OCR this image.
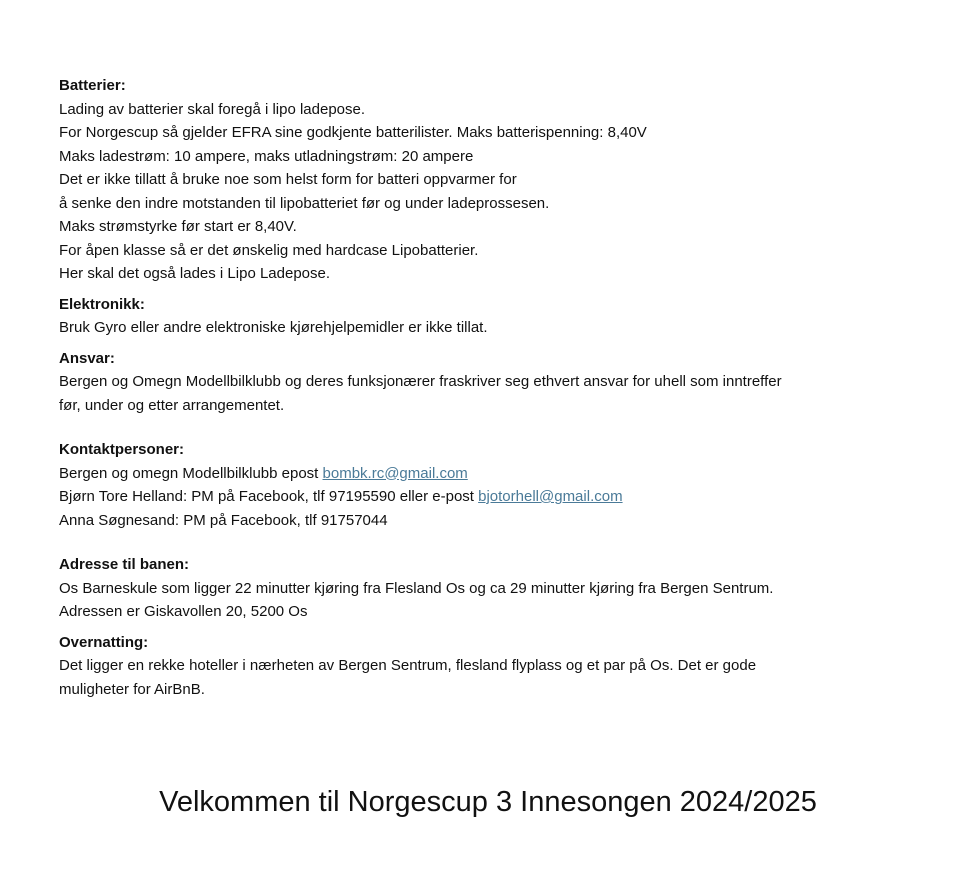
Batterier:
Lading av batterier skal foregå i lipo ladepose.
For Norgescup så gjelder EFRA sine godkjente batterilister. Maks batterispenning: 8,40V
Maks ladestrøm: 10 ampere, maks utladningstrøm: 20 ampere
Det er ikke tillatt å bruke noe som helst form for batteri oppvarmer for
å senke den indre motstanden til lipobatteriet før og under ladeprossesen.
Maks strømstyrke før start er 8,40V.
For åpen klasse så er det ønskelig med hardcase Lipobatterier.
Her skal det også lades i Lipo Ladepose.
Elektronikk:
Bruk Gyro eller andre elektroniske kjørehjelpemidler er ikke tillat.
Ansvar:
Bergen og Omegn Modellbilklubb og deres funksjonærer fraskriver seg ethvert ansvar for uhell som inntreffer
før, under og etter arrangementet.
Kontaktpersoner:
Bergen og omegn Modellbilklubb epost bombk.rc@gmail.com
Bjørn Tore Helland: PM på Facebook, tlf 97195590 eller e-post bjotorhell@gmail.com
Anna Søgnesand: PM på Facebook, tlf 91757044
Adresse til banen:
Os Barneskule som ligger 22 minutter kjøring fra Flesland Os og ca 29 minutter kjøring fra Bergen Sentrum.
Adressen er Giskavollen 20, 5200 Os
Overnatting:
Det ligger en rekke hoteller i nærheten av Bergen Sentrum, flesland flyplass og et par på Os. Det er gode
muligheter for AirBnB.
Velkommen til Norgescup 3 Innesongen 2024/2025
